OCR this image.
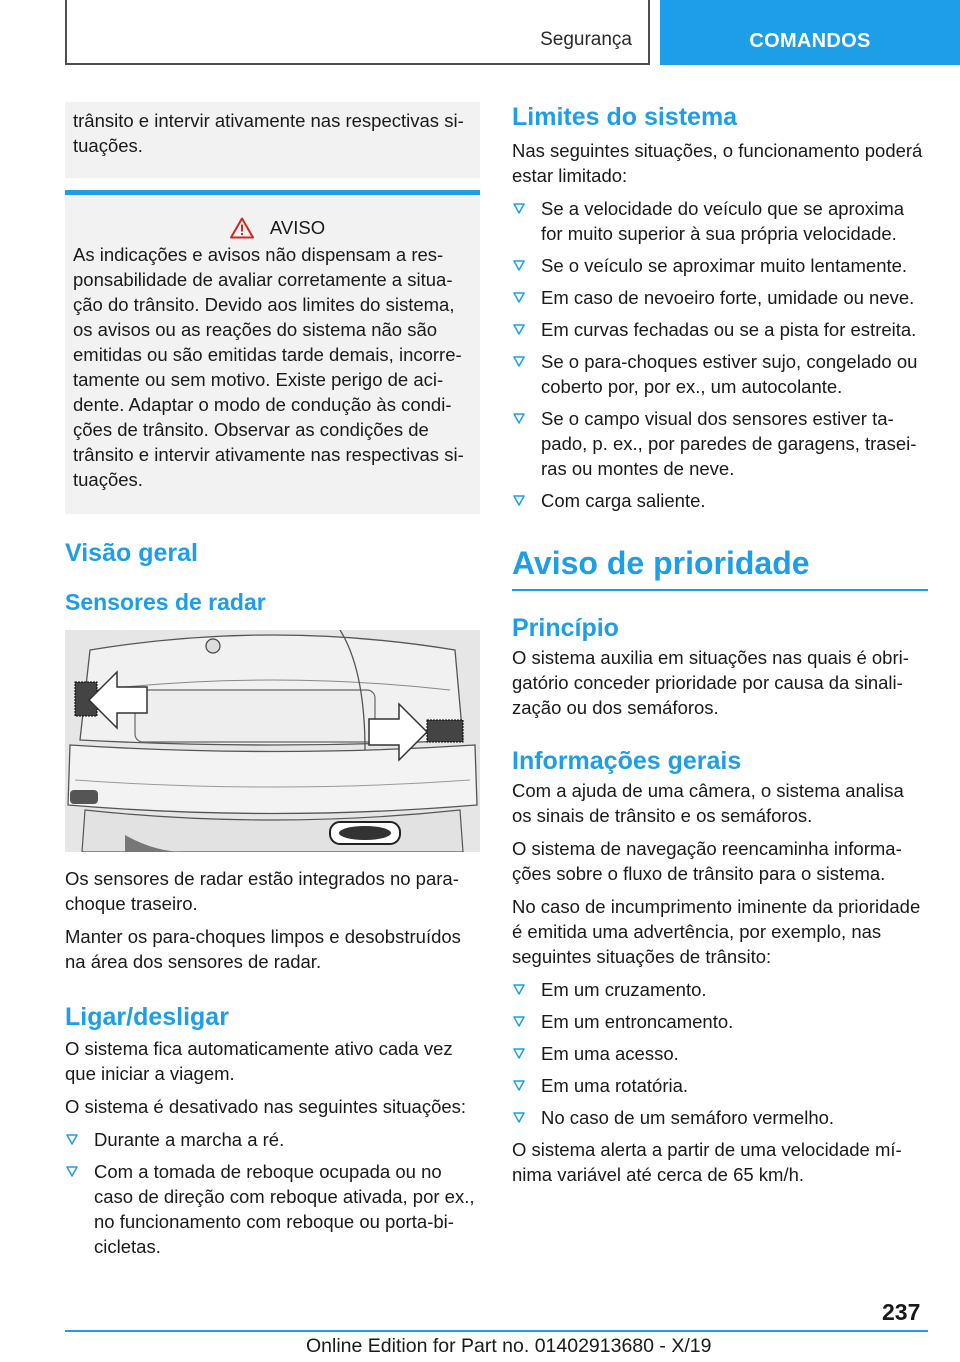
Segurança	COMANDOS
trânsito e intervir ativamente nas respectivas situações.
AVISO
As indicações e avisos não dispensam a responsabilidade de avaliar corretamente a situação do trânsito. Devido aos limites do sistema, os avisos ou as reações do sistema não são emitidas ou são emitidas tarde demais, incorretamente ou sem motivo. Existe perigo de acidente. Adaptar o modo de condução às condições de trânsito. Observar as condições de trânsito e intervir ativamente nas respectivas situações.
Visão geral
Sensores de radar

Os sensores de radar estão integrados no para-choque traseiro.

Manter os para-choques limpos e desobstruídos na área dos sensores de radar.

Ligar/desligar

O sistema fica automaticamente ativo cada vez que iniciar a viagem.

O sistema é desativado nas seguintes situações:

Durante a marcha a ré.
Com a tomada de reboque ocupada ou no caso de direção com reboque ativada, por ex., no funcionamento com reboque ou porta-bicicletas.
Limites do sistema

Nas seguintes situações, o funcionamento poderá estar limitado:

Se a velocidade do veículo que se aproxima for muito superior à sua própria velocidade.
Se o veículo se aproximar muito lentamente.
Em caso de nevoeiro forte, umidade ou neve.
Em curvas fechadas ou se a pista for estreita.
Se o para-choques estiver sujo, congelado ou coberto por, por ex., um autocolante.
Se o campo visual dos sensores estiver tapado, p. ex., por paredes de garagens, traseiras ou montes de neve.
Com carga saliente.
Aviso de prioridade
Princípio

O sistema auxilia em situações nas quais é obrigatório conceder prioridade por causa da sinalização ou dos semáforos.

Informações gerais

Com a ajuda de uma câmera, o sistema analisa os sinais de trânsito e os semáforos.

O sistema de navegação reencaminha informações sobre o fluxo de trânsito para o sistema.

No caso de incumprimento iminente da prioridade é emitida uma advertência, por exemplo, nas seguintes situações de trânsito:

Em um cruzamento.
Em um entroncamento.
Em uma acesso.
Em uma rotatória.
No caso de um semáforo vermelho.

O sistema alerta a partir de uma velocidade mínima variável até cerca de 65 km/h.

237
Online Edition for Part no. 01402913680 - X/19
